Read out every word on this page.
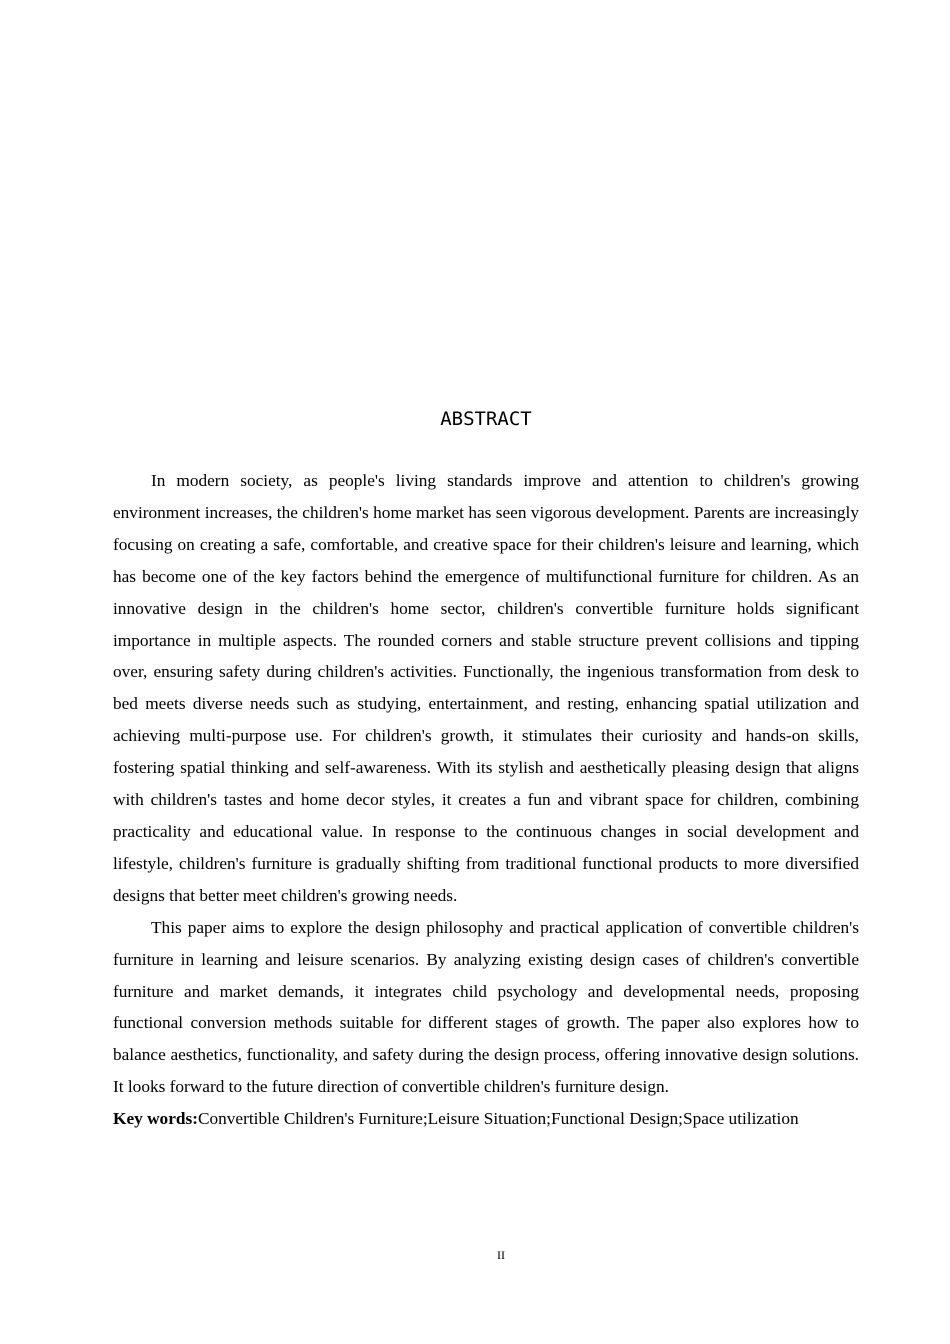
ABSTRACT

In modern society, as people's living standards improve and attention to children's growing environment increases, the children's home market has seen vigorous development. Parents are increasingly focusing on creating a safe, comfortable, and creative space for their children's leisure and learning, which has become one of the key factors behind the emergence of multifunctional furniture for children. As an innovative design in the children's home sector, children's convertible furniture holds significant importance in multiple aspects. The rounded corners and stable structure prevent collisions and tipping over, ensuring safety during children's activities. Functionally, the ingenious transformation from desk to bed meets diverse needs such as studying, entertainment, and resting, enhancing spatial utilization and achieving multi-purpose use. For children's growth, it stimulates their curiosity and hands-on skills, fostering spatial thinking and self-awareness. With its stylish and aesthetically pleasing design that aligns with children's tastes and home decor styles, it creates a fun and vibrant space for children, combining practicality and educational value. In response to the continuous changes in social development and lifestyle, children's furniture is gradually shifting from traditional functional products to more diversified designs that better meet children's growing needs.

This paper aims to explore the design philosophy and practical application of convertible children's furniture in learning and leisure scenarios. By analyzing existing design cases of children's convertible furniture and market demands, it integrates child psychology and developmental needs, proposing functional conversion methods suitable for different stages of growth. The paper also explores how to balance aesthetics, functionality, and safety during the design process, offering innovative design solutions. It looks forward to the future direction of convertible children's furniture design.

Key words:Convertible Children's Furniture;Leisure Situation;Functional Design;Space utilization

II
